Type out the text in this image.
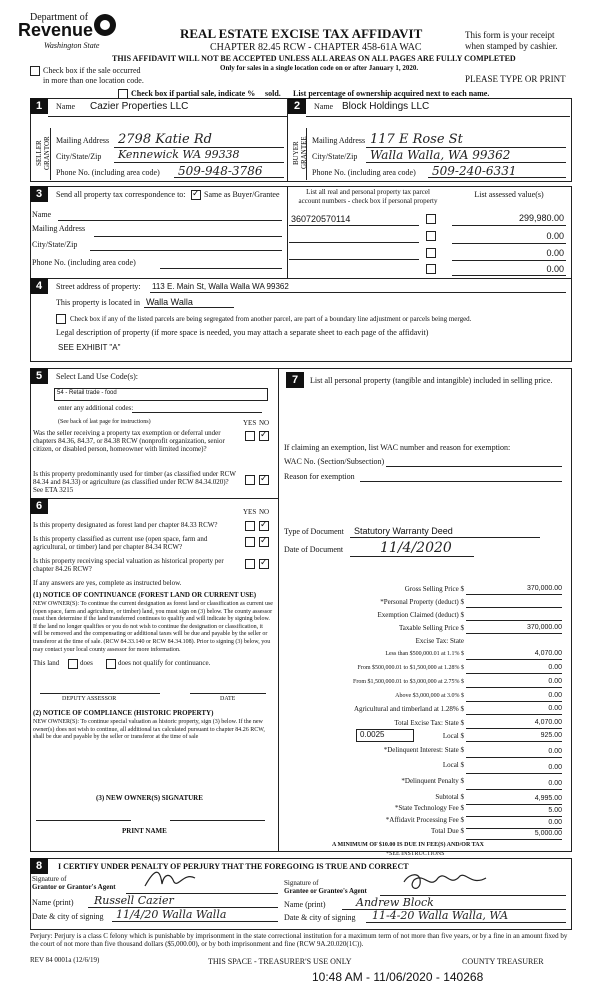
Department of
Revenue
Washington State
REAL ESTATE EXCISE TAX AFFIDAVIT
CHAPTER 82.45 RCW - CHAPTER 458-61A WAC
THIS AFFIDAVIT WILL NOT BE ACCEPTED UNLESS ALL AREAS ON ALL PAGES ARE FULLY COMPLETED
Only for sales in a single location code on or after January 1, 2020.
This form is your receipt
when stamped by cashier.
PLEASE TYPE OR PRINT
Check box if the sale occurred
in more than one location code.
Check box if partial sale, indicate % sold. List percentage of ownership acquired next to each name.
1	Name Cazier Properties LLC
SELLER GRANTOR Mailing Address 2798 Katie Rd
City/State/Zip Kennewick WA 99338
Phone No. (including area code) 509-948-3786
2	Name Block Holdings LLC
BUYER GRANTEE Mailing Address 117 E Rose St
City/State/Zip Walla Walla, WA 99362
Phone No. (including area code) 509-240-6331
3	Send all property tax correspondence to:
✓ Same as Buyer/Grantee
Name
Mailing Address
City/State/Zip
Phone No. (including area code)
List all real and personal property tax parcel
account numbers - check box if personal property
List assessed value(s)
360720570114	299,980.00
0.00
0.00
0.00
4	Street address of property: 113 E. Main St, Walla Walla WA 99362
This property is located in Walla Walla
Check box if any of the listed parcels are being segregated from another parcel, are part of a boundary line adjustment or parcels being merged.
Legal description of property (if more space is needed, you may attach a separate sheet to each page of the affidavit)
SEE EXHIBIT "A"
5	Select Land Use Code(s):
54 - Retail trade - food
enter any additional codes:
(See back of last page for instructions)	YES NO
Was the seller receiving a property tax exemption or deferral under chapters 84.36, 84.37, or 84.38 RCW (nonprofit organization, senior citizen, or disabled person, homeowner with limited income)?
✓
Is this property predominantly used for timber (as classified under RCW 84.34 and 84.33) or agriculture (as classified under RCW 84.34.020)? See ETA 3215
✓
6	YES NO
Is this property designated as forest land per chapter 84.33 RCW?
✓
Is this property classified as current use (open space, farm and agricultural, or timber) land per chapter 84.34 RCW?
✓
Is this property receiving special valuation as historical property per chapter 84.26 RCW?
✓
If any answers are yes, complete as instructed below.
(1) NOTICE OF CONTINUANCE (FOREST LAND OR CURRENT USE)
NEW OWNER(S): To continue the current designation as forest land or classification as current use (open space, farm and agriculture, or timber) land, you must sign on (3) below. The county assessor must then determine if the land transferred continues to qualify and will indicate by signing below. If the land no longer qualifies or you do not wish to continue the designation or classification, it will be removed and the compensating or additional taxes will be due and payable by the seller or transferor at the time of sale. (RCW 84.33.140 or RCW 84.34.108). Prior to signing (3) below, you may contact your local county assessor for more information.
This land	does	does not qualify for continuance.
DEPUTY ASSESSOR	DATE
(2) NOTICE OF COMPLIANCE (HISTORIC PROPERTY)
NEW OWNER(S): To continue special valuation as historic property, sign (3) below. If the new owner(s) does not wish to continue, all additional tax calculated pursuant to chapter 84.26 RCW, shall be due and payable by the seller or transferor at the time of sale
(3) NEW OWNER(S) SIGNATURE
PRINT NAME
7	List all personal property (tangible and intangible) included in selling price.
If claiming an exemption, list WAC number and reason for exemption:
WAC No. (Section/Subsection)
Reason for exemption
Type of Document Statutory Warranty Deed
Date of Document	11/4/2020
Gross Selling Price $	370,000.00
*Personal Property (deduct) $
Exemption Claimed (deduct) $
Taxable Selling Price $	370,000.00
Excise Tax: State
Less than $500,000.01 at 1.1% $	4,070.00
From $500,000.01 to $1,500,000 at 1.28% $	0.00
From $1,500,000.01 to $3,000,000 at 2.75% $	0.00
Above $3,000,000 at 3.0% $	0.00
Agricultural and timberland at 1.28% $	0.00
Total Excise Tax: State $	4,070.00
0.0025	Local $	925.00
*Delinquent Interest: State $	0.00
Local $	0.00
*Delinquent Penalty $	0.00
Subtotal $	4,995.00
*State Technology Fee $	5.00
*Affidavit Processing Fee $	0.00
Total Due $	5,000.00
A MINIMUM OF $10.00 IS DUE IN FEE(S) AND/OR TAX
*SEE INSTRUCTIONS
8	I CERTIFY UNDER PENALTY OF PERJURY THAT THE FOREGOING IS TRUE AND CORRECT
Signature of
Grantor or Grantor's Agent
Name (print) Russell Cazier
Date & city of signing 11/4/20 Walla Walla
Signature of
Grantee or Grantee's Agent
Name (print)	Andrew Block
Date & city of signing 11-4-20 Walla Walla, WA
Perjury: Perjury is a class C felony which is punishable by imprisonment in the state correctional institution for a maximum term of not more than five years, or by a fine in an amount fixed by the court of not more than five thousand dollars ($5,000.00), or by both imprisonment and fine (RCW 9A.20.020(1C)).
REV 84 0001a (12/6/19)	THIS SPACE - TREASURER'S USE ONLY	COUNTY TREASURER
10:48 AM - 11/06/2020 - 140268
